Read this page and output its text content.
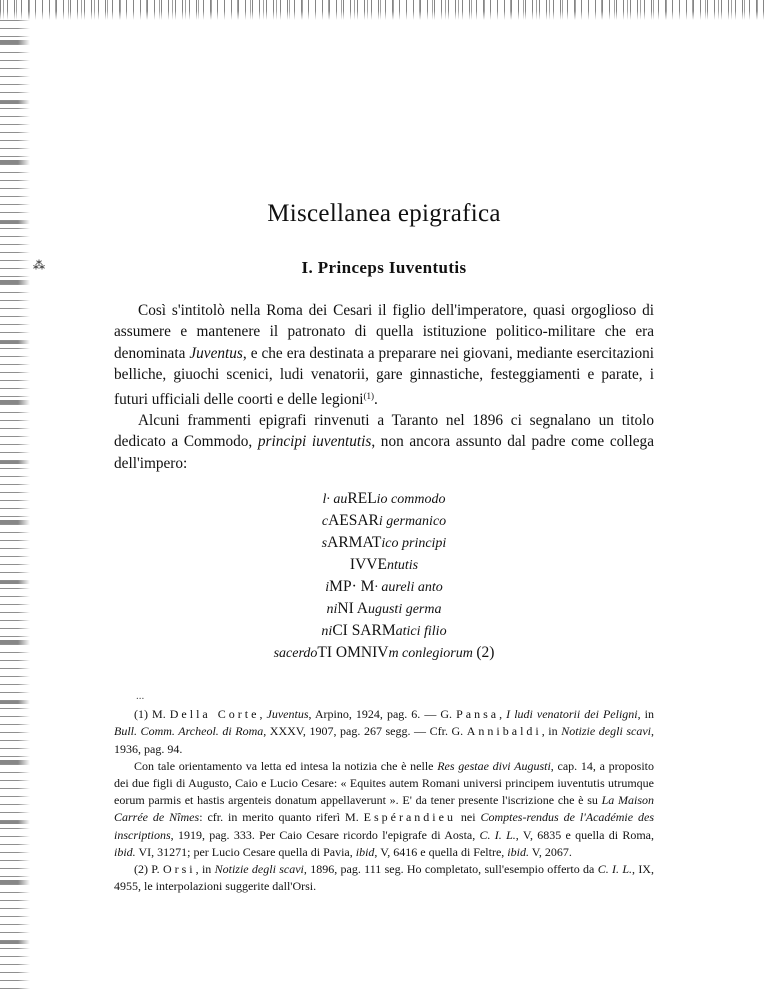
⁂
Miscellanea epigrafica
I. Princeps Iuventutis

Così s'intitolò nella Roma dei Cesari il figlio dell'imperatore, quasi orgoglioso di assumere e mantenere il patronato di quella istituzione politico-militare che era denominata Juventus, e che era destinata a preparare nei giovani, mediante esercitazioni belliche, giuochi scenici, ludi venatorii, gare ginnastiche, festeggiamenti e parate, i futuri ufficiali delle coorti e delle legioni$^{(1)}$.

Alcuni frammenti epigrafi rinvenuti a Taranto nel 1896 ci segnalano un titolo dedicato a Commodo, principi iuventutis, non ancora assunto dal padre come collega dell'impero:

l· auRELio commodo
cAESARi germanico
sARMATico principi
IVVEntutis
iMP· M· aureli anto
niNI Augusti germa
niCI SARMatici filio
sacerdoTI OMNIVm conlegiorum (2)
...

(1) M. Della Corte, Juventus, Arpino, 1924, pag. 6. — G. Pansa, I ludi venatorii dei Peligni, in Bull. Comm. Archeol. di Roma, XXXV, 1907, pag. 267 segg. — Cfr. G. Annibaldi, in Notizie degli scavi, 1936, pag. 94.

Con tale orientamento va letta ed intesa la notizia che è nelle Res gestae divi Augusti, cap. 14, a proposito dei due figli di Augusto, Caio e Lucio Cesare: « Equites autem Romani universi principem iuventutis utrumque eorum parmis et hastis argenteis donatum appellaverunt ». E' da tener presente l'iscrizione che è su La Maison Carrée de Nîmes: cfr. in merito quanto riferì M. Espérandieu nei Comptes-rendus de l'Académie des inscriptions, 1919, pag. 333. Per Caio Cesare ricordo l'epigrafe di Aosta, C. I. L., V, 6835 e quella di Roma, ibid. VI, 31271; per Lucio Cesare quella di Pavia, ibid, V, 6416 e quella di Feltre, ibid. V, 2067.

(2) P. Orsi, in Notizie degli scavi, 1896, pag. 111 seg. Ho completato, sull'esempio offerto da C. I. L., IX, 4955, le interpolazioni suggerite dall'Orsi.
